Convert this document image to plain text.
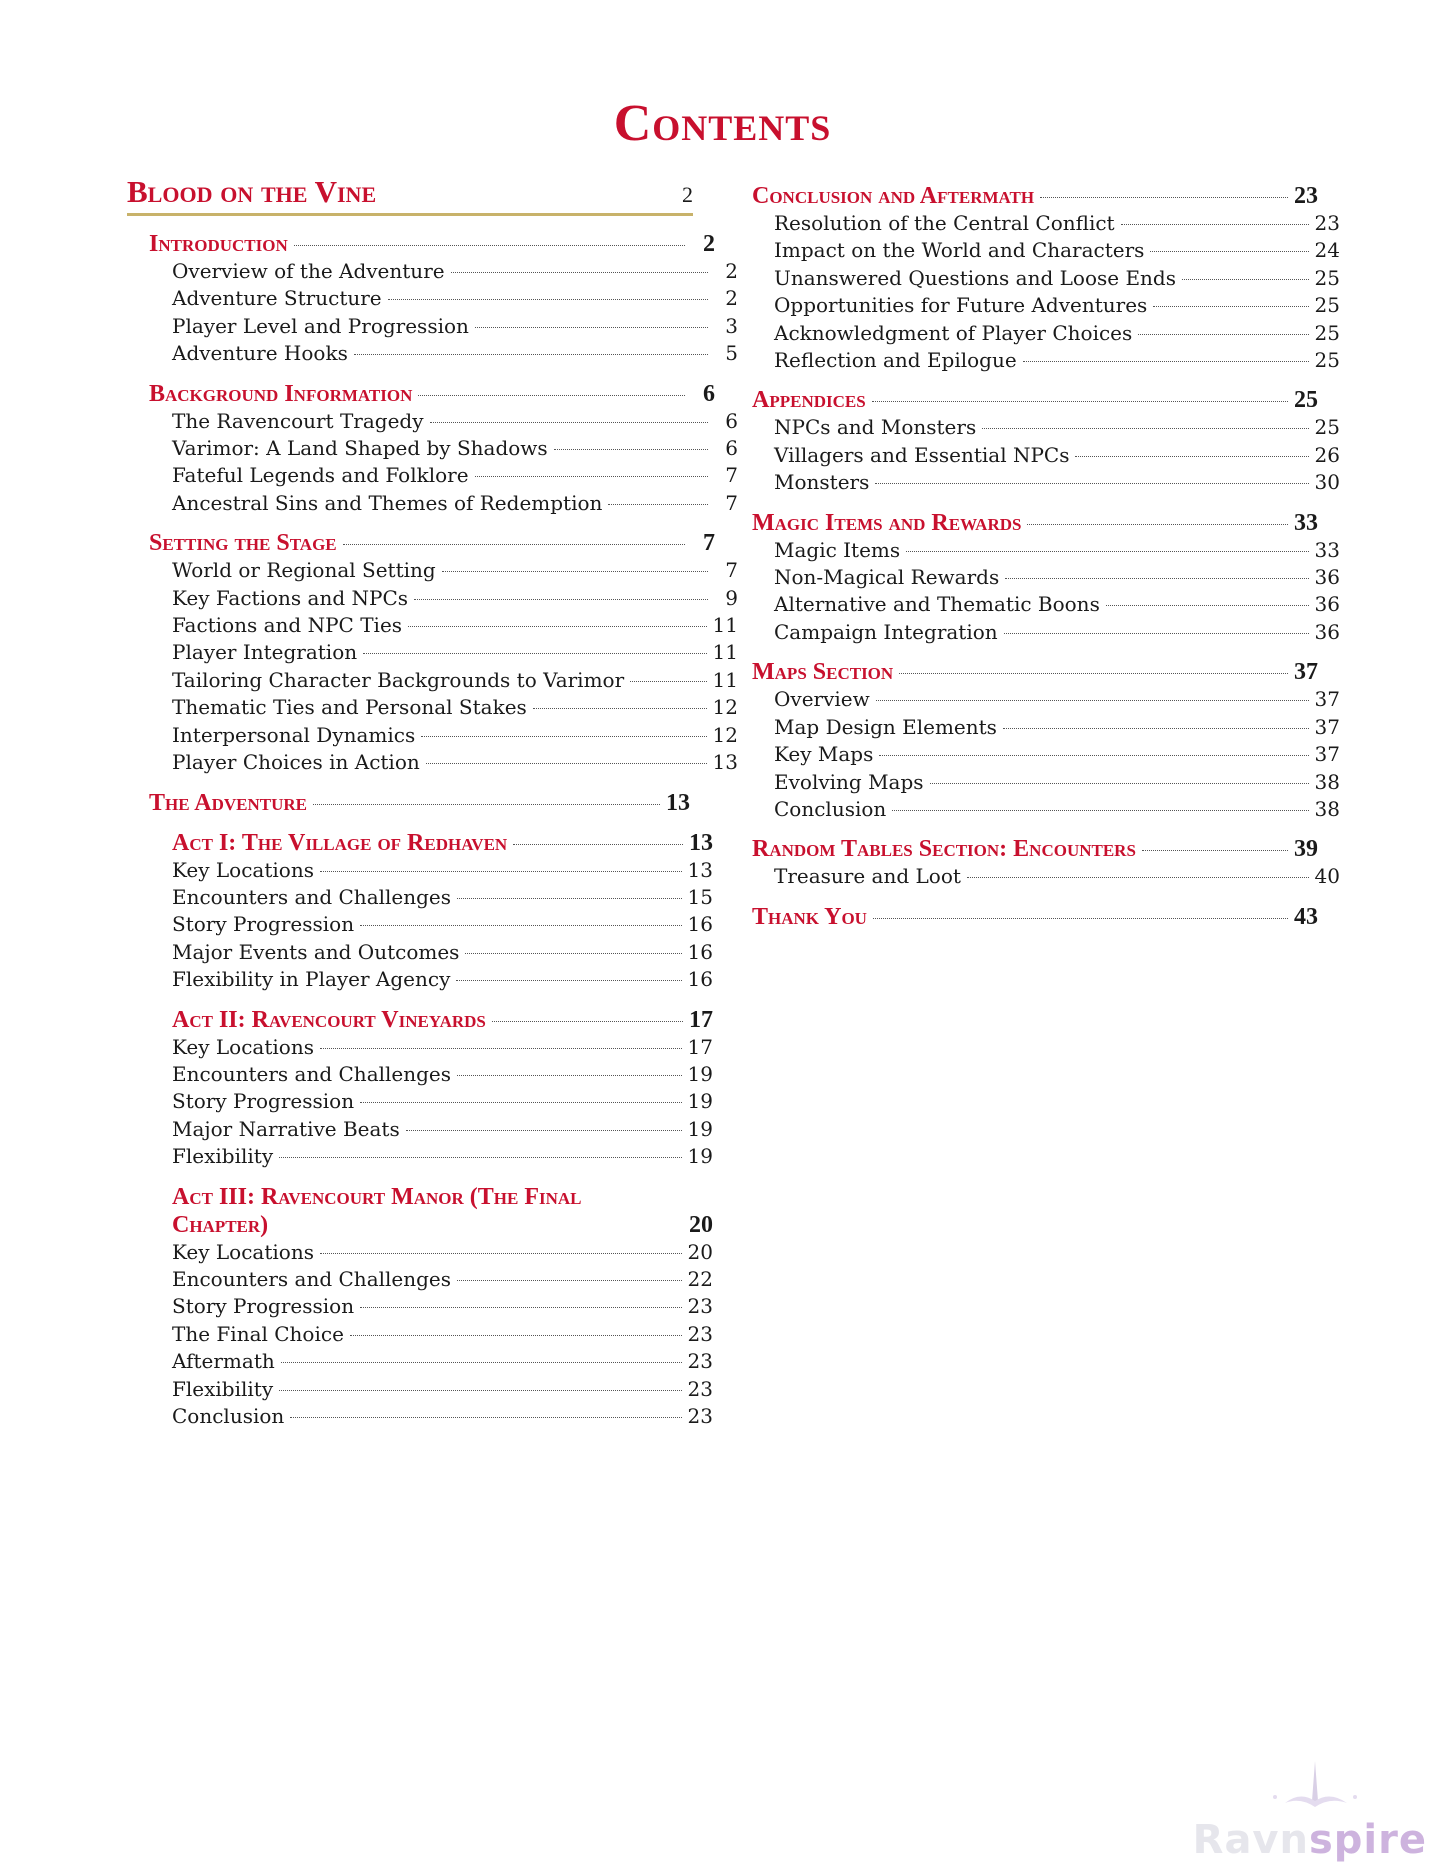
Contents
Blood on the Vine	2
Introduction	2
Overview of the Adventure	2
Adventure Structure	2
Player Level and Progression	3
Adventure Hooks	5
Background Information	6
The Ravencourt Tragedy	6
Varimor: A Land Shaped by Shadows	6
Fateful Legends and Folklore	7
Ancestral Sins and Themes of Redemption	7
Setting the Stage	7
World or Regional Setting	7
Key Factions and NPCs	9
Factions and NPC Ties	11
Player Integration	11
Tailoring Character Backgrounds to Varimor	11
Thematic Ties and Personal Stakes	12
Interpersonal Dynamics	12
Player Choices in Action	13
The Adventure	13
Act I: The Village of Redhaven	13
Key Locations	13
Encounters and Challenges	15
Story Progression	16
Major Events and Outcomes	16
Flexibility in Player Agency	16
Act II: Ravencourt Vineyards	17
Key Locations	17
Encounters and Challenges	19
Story Progression	19
Major Narrative Beats	19
Flexibility	19
Act III: Ravencourt Manor (The Final Chapter)	20
Key Locations	20
Encounters and Challenges	22
Story Progression	23
The Final Choice	23
Aftermath	23
Flexibility	23
Conclusion	23
Conclusion and Aftermath	23
Resolution of the Central Conflict	23
Impact on the World and Characters	24
Unanswered Questions and Loose Ends	25
Opportunities for Future Adventures	25
Acknowledgment of Player Choices	25
Reflection and Epilogue	25
Appendices	25
NPCs and Monsters	25
Villagers and Essential NPCs	26
Monsters	30
Magic Items and Rewards	33
Magic Items	33
Non-Magical Rewards	36
Alternative and Thematic Boons	36
Campaign Integration	36
Maps Section	37
Overview	37
Map Design Elements	37
Key Maps	37
Evolving Maps	38
Conclusion	38
Random Tables Section: Encounters	39
Treasure and Loot	40
Thank You	43
Ravnspire
